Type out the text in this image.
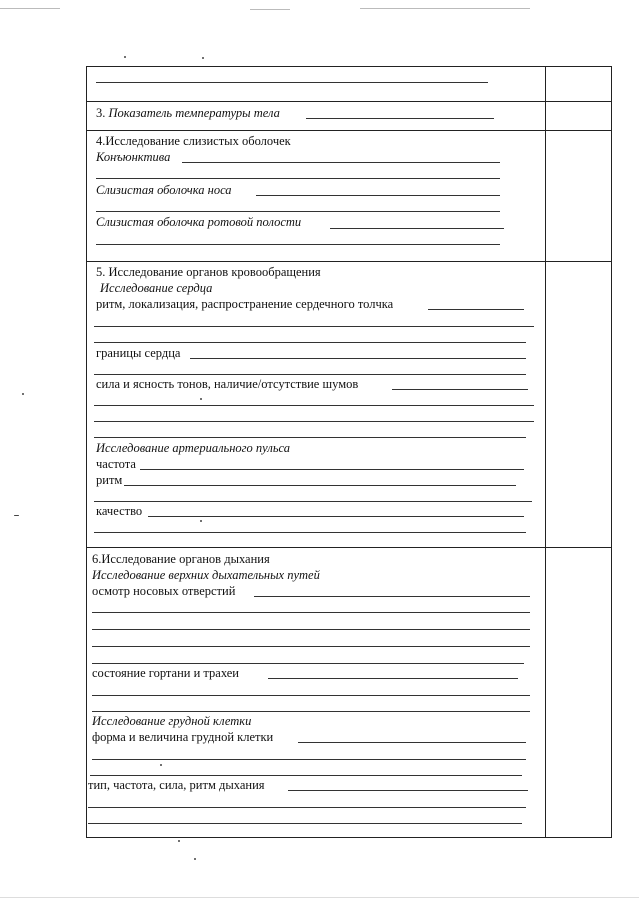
3. Показатель температуры тела
4.Исследование слизистых оболочек
Конъюнктива
Слизистая оболочка носа
Слизистая оболочка ротовой полости
5. Исследование органов кровообращения
Исследование сердца
ритм, локализация, распространение сердечного толчка
границы сердца
сила и ясность тонов, наличие/отсутствие шумов
Исследование артериального пульса
частота
ритм
качество
6.Исследование органов дыхания
Исследование верхних дыхательных путей
осмотр носовых отверстий
состояние гортани и трахеи
Исследование грудной клетки
форма и величина грудной клетки
тип, частота, сила, ритм дыхания
